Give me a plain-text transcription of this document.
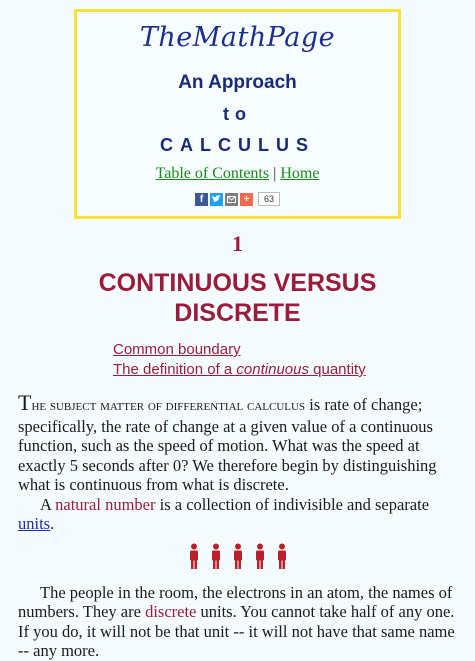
TheMathPage
An Approach
to
CALCULUS
Table of Contents | Home
f	+	63
1
CONTINUOUS VERSUS
DISCRETE
Common boundary
The definition of a continuous quantity

The subject matter of differential calculus is rate of change; specifically, the rate of change at a given value of a continuous function, such as the speed of motion. What was the speed at exactly 5 seconds after 0? We therefore begin by distinguishing what is continuous from what is discrete.

A natural number is a collection of indivisible and separate units.

The people in the room, the electrons in an atom, the names of numbers. They are discrete units. You cannot take half of any one. If you do, it will not be that unit -- it will not have that same name -- any more.
